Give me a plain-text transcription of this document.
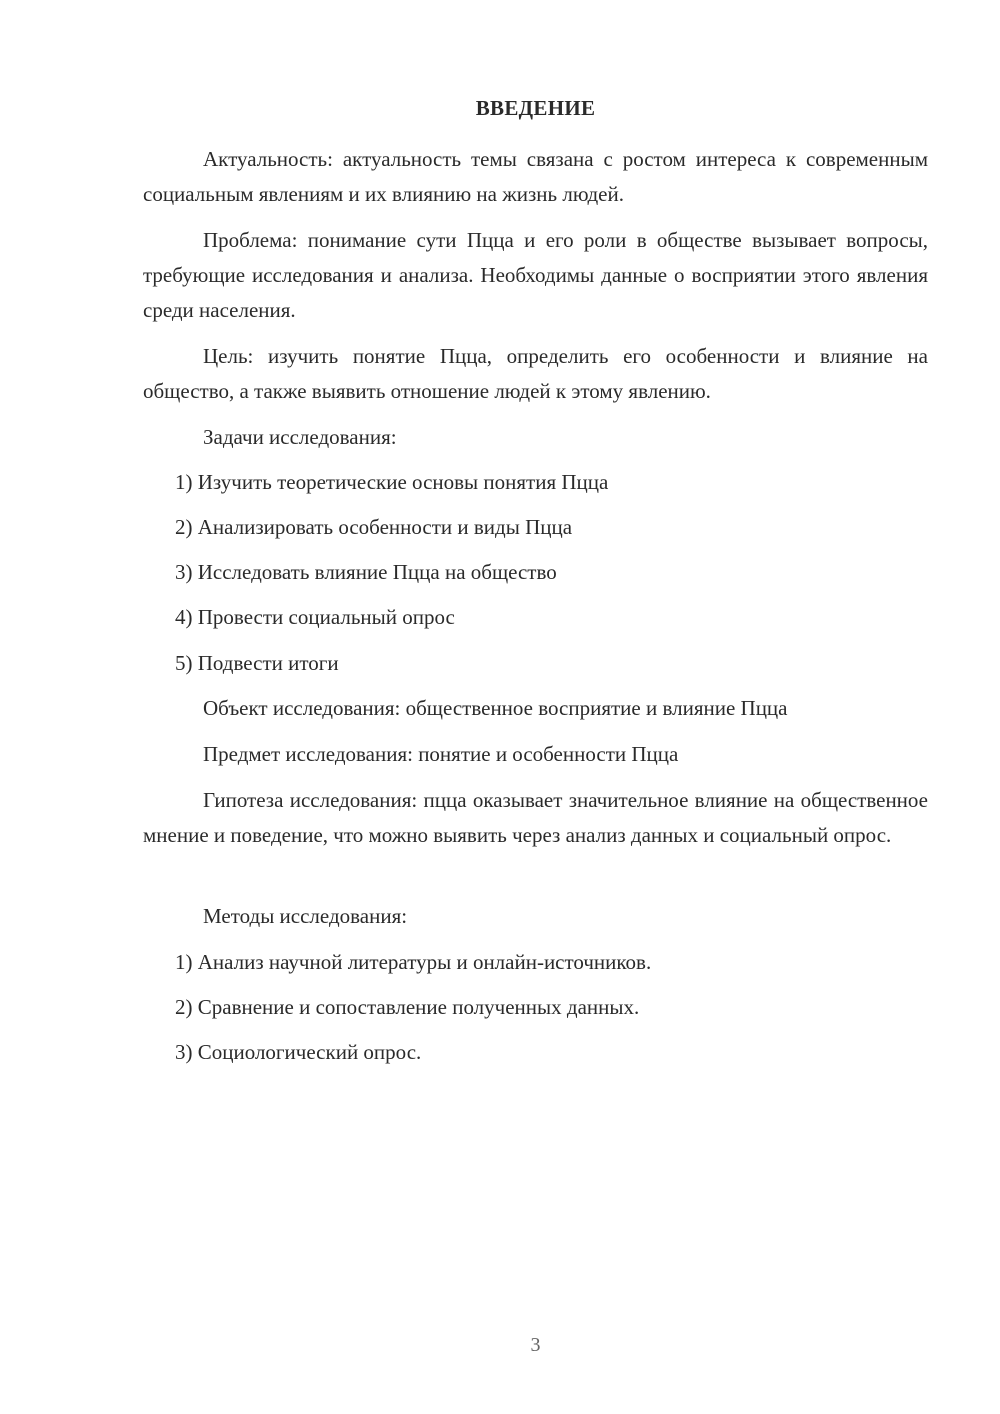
ВВЕДЕНИЕ

Актуальность: актуальность темы связана с ростом интереса к современным социальным явлениям и их влиянию на жизнь людей.

Проблема: понимание сути Пцца и его роли в обществе вызывает вопросы, требующие исследования и анализа. Необходимы данные о восприятии этого явления среди населения.

Цель: изучить понятие Пцца, определить его особенности и влияние на общество, а также выявить отношение людей к этому явлению.

Задачи исследования:

1) Изучить теоретические основы понятия Пцца

2) Анализировать особенности и виды Пцца

3) Исследовать влияние Пцца на общество

4) Провести социальный опрос

5) Подвести итоги

Объект исследования: общественное восприятие и влияние Пцца

Предмет исследования: понятие и особенности Пцца

Гипотеза исследования: пцца оказывает значительное влияние на общественное мнение и поведение, что можно выявить через анализ данных и социальный опрос.

Методы исследования:

1) Анализ научной литературы и онлайн-источников.

2) Сравнение и сопоставление полученных данных.

3) Социологический опрос.

3
